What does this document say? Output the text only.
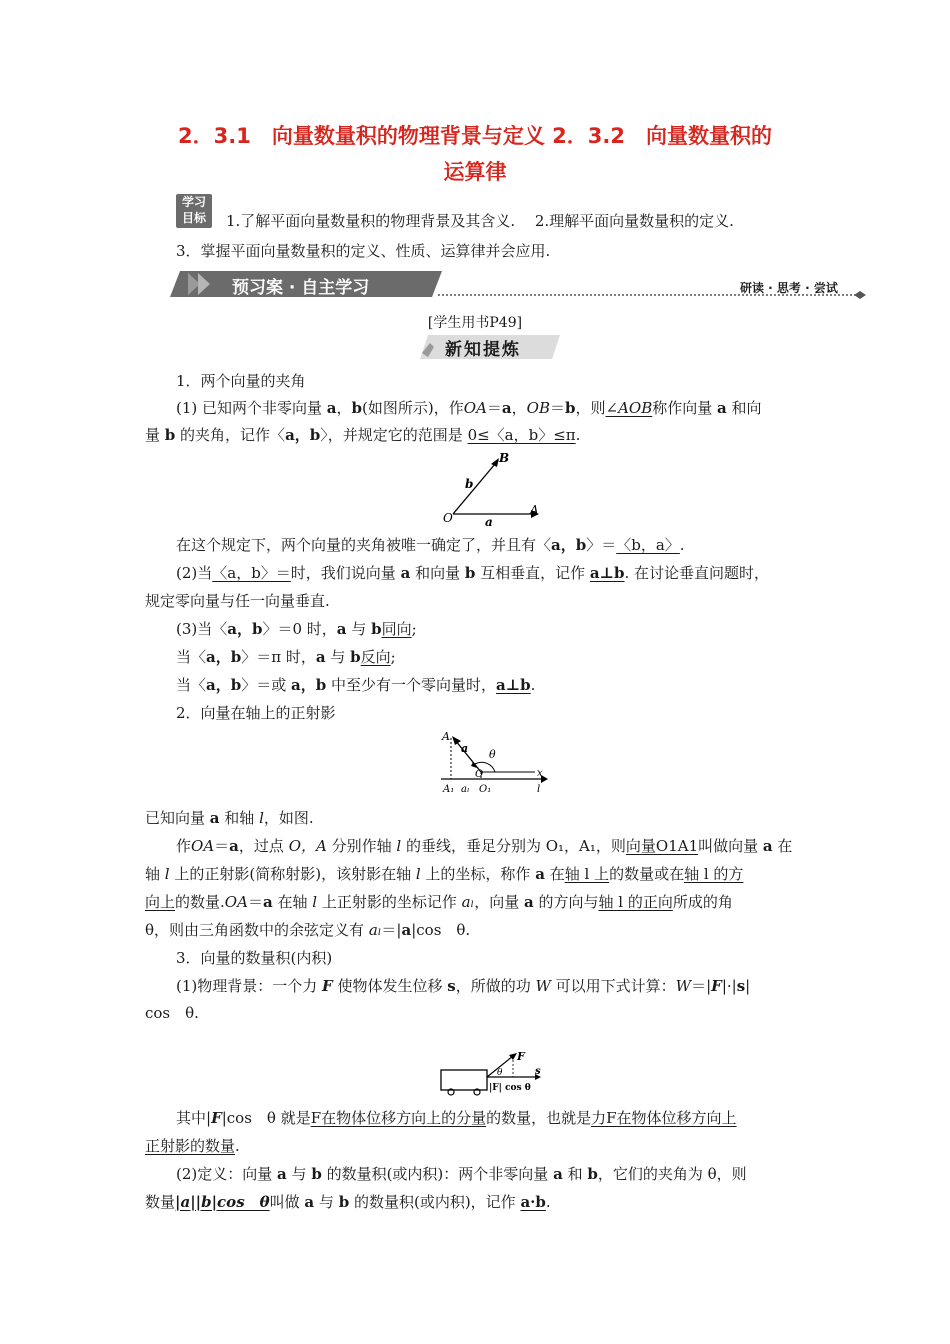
2．3.1　向量数量积的物理背景与定义 2．3.2　向量数量积的
运算律
学习
目标	1.了解平面向量数量积的物理背景及其含义.　 2.理解平面向量数量积的定义.
3．掌握平面向量数量积的定义、性质、运算律并会应用.
预习案 · 自主学习	研读 · 思考 · 尝试
[学生用书P49]
新知提炼
1．两个向量的夹角
(1) 已知两个非零向量 a，b(如图所示)，作OA＝a，OB＝b，则∠AOB称作向量 a 和向
量 b 的夹角，记作〈a，b〉，并规定它的范围是 0≤〈a，b〉≤π.
B
b
O	a
A
在这个规定下，两个向量的夹角被唯一确定了，并且有〈a，b〉＝〈b，a〉.
(2)当〈a，b〉＝时，我们说向量 a 和向量 b 互相垂直，记作 a⊥b. 在讨论垂直问题时，
规定零向量与任一向量垂直.
(3)当〈a，b〉＝0 时，a 与 b同向;
当〈a，b〉＝π 时，a 与 b反向;
当〈a，b〉＝或 a，b 中至少有一个零向量时，a⊥b.
2．向量在轴上的正射影
A
a θ
O	x
A₁ aₗ O₁	l
已知向量 a 和轴 l，如图.
作OA＝a，过点 O，A 分别作轴 l 的垂线，垂足分别为 O₁，A₁，则向量O1A1叫做向量 a 在
轴 l 上的正射影(简称射影)，该射影在轴 l 上的坐标，称作 a 在轴 l 上的数量或在轴 l 的方
向上的数量.OA＝a 在轴 l 上正射影的坐标记作 aₗ，向量 a 的方向与轴 l 的正向所成的角
θ，则由三角函数中的余弦定义有 aₗ＝|a|cos　θ.
3．向量的数量积(内积)
(1)物理背景：一个力 F 使物体发生位移 s，所做的功 W 可以用下式计算：W＝|F|·|s|
cos　θ.
F
θ	s
|F| cos θ
其中|F|cos　θ 就是F在物体位移方向上的分量的数量，也就是力F在物体位移方向上
正射影的数量.
(2)定义：向量 a 与 b 的数量积(或内积)：两个非零向量 a 和 b，它们的夹角为 θ，则
数量|a||b|cos　θ叫做 a 与 b 的数量积(或内积)，记作 a·b.
